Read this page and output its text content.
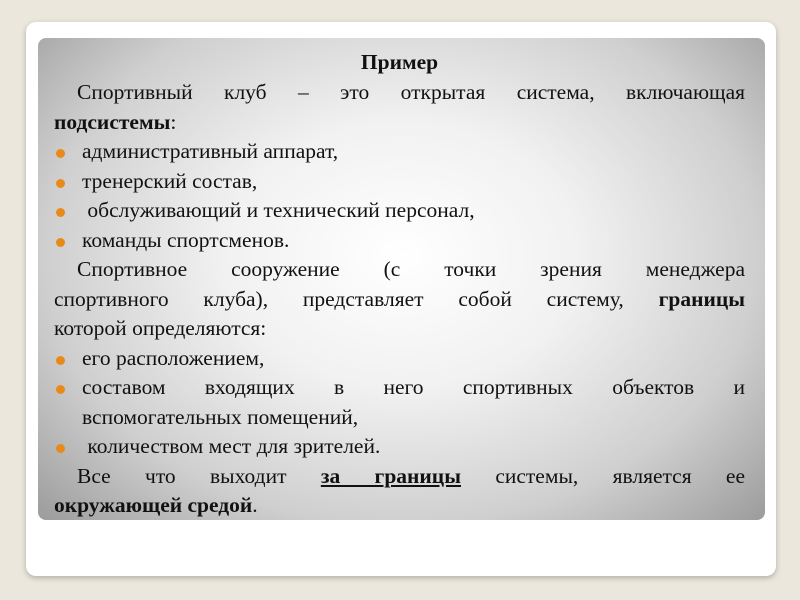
Пример
Спортивный клуб – это открытая система, включающая
подсистемы:
административный аппарат,
тренерский состав,
обслуживающий и технический персонал,
команды спортсменов.
Спортивное сооружение (с точки зрения менеджера
спортивного клуба), представляет собой систему, границы
которой определяются:
его расположением,
составом входящих в него спортивных объектов и
вспомогательных помещений,
количеством мест для зрителей.
Все что выходит за границы системы, является ее
окружающей средой.
